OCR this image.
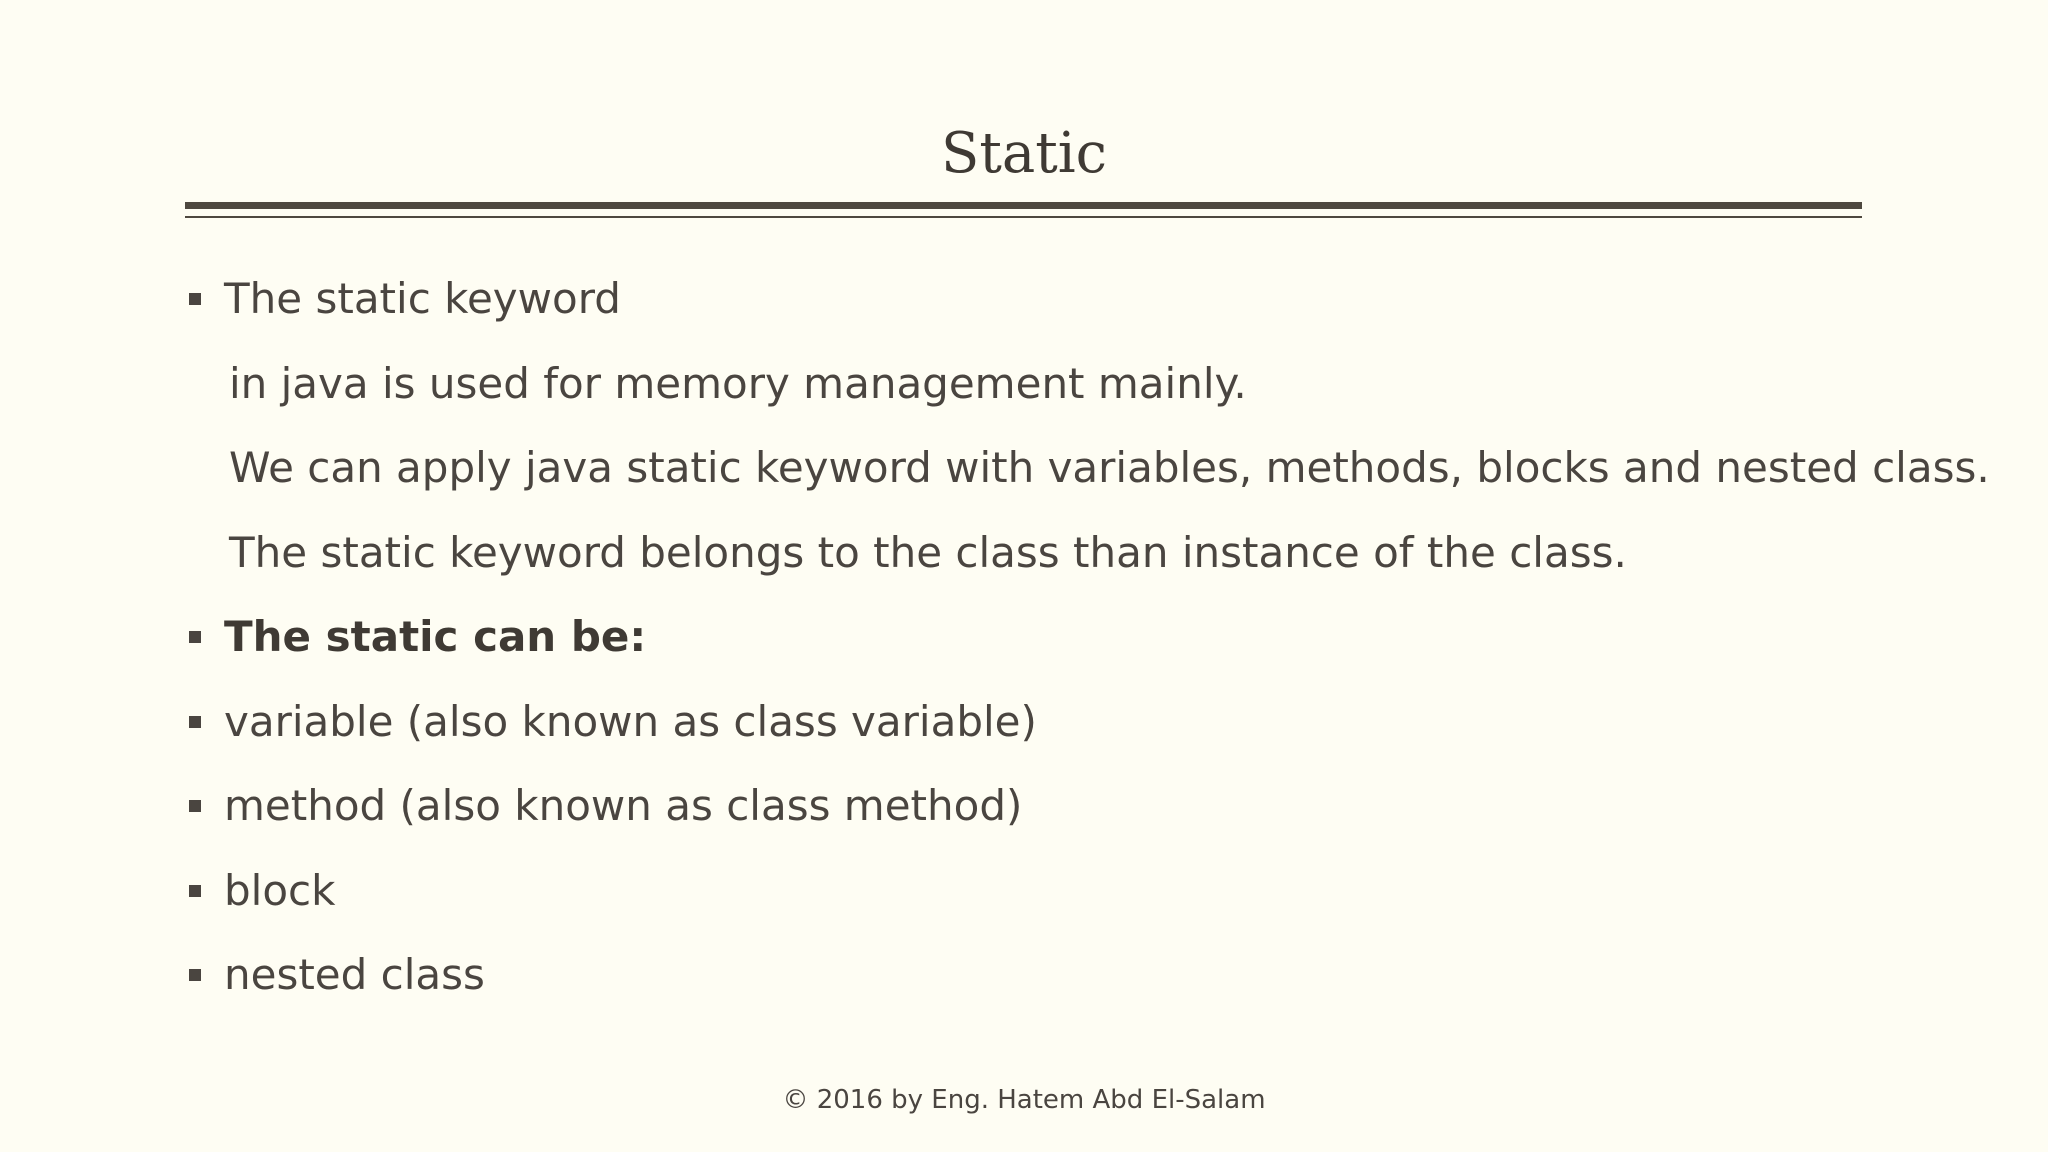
Static
The static keyword
in java is used for memory management mainly.
We can apply java static keyword with variables, methods, blocks and nested class.
The static keyword belongs to the class than instance of the class.
The static can be:
variable (also known as class variable)
method (also known as class method)
block
nested class
© 2016 by Eng. Hatem Abd El-Salam
